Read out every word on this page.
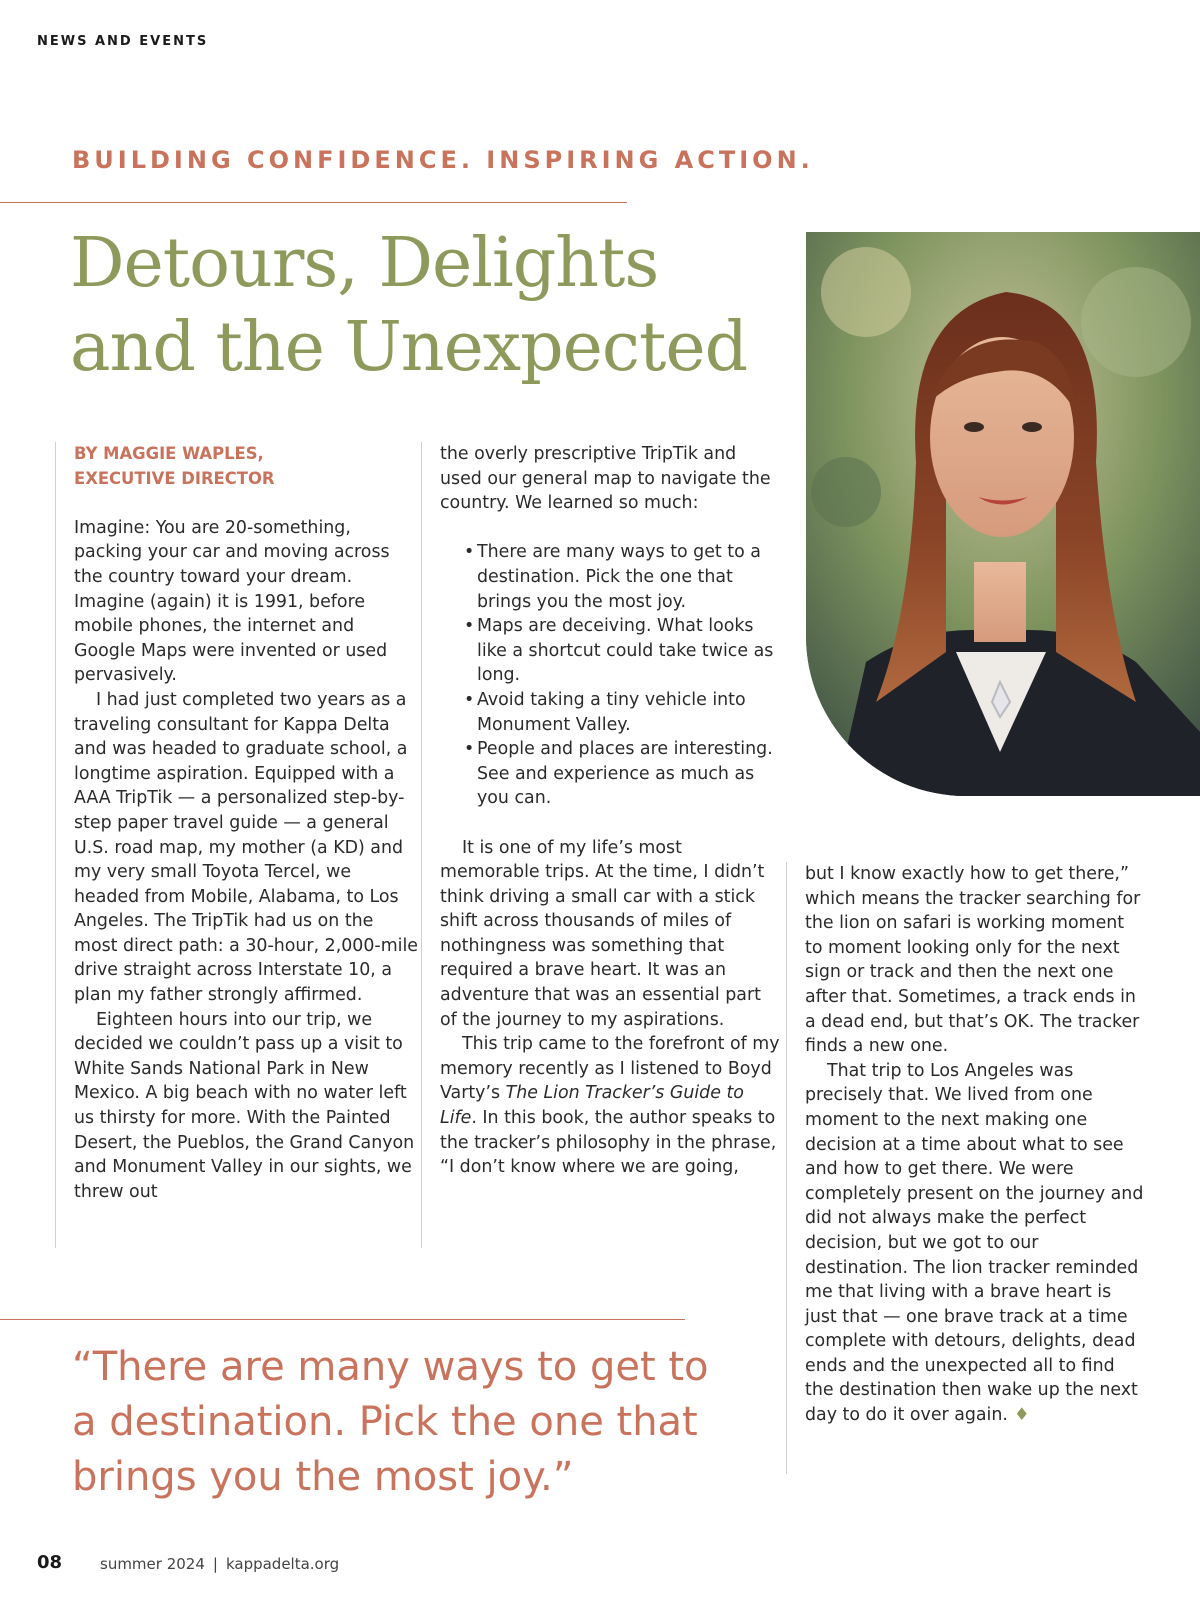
NEWS AND EVENTS
BUILDING CONFIDENCE. INSPIRING ACTION.
Detours, Delights
and the Unexpected

BY MAGGIE WAPLES,
EXECUTIVE DIRECTOR

Imagine: You are 20-something, packing your car and moving across the country toward your dream. Imagine (again) it is 1991, before mobile phones, the internet and Google Maps were invented or used pervasively.

I had just completed two years as a traveling consultant for Kappa Delta and was headed to graduate school, a longtime aspiration. Equipped with a AAA TripTik — a personalized step-by-step paper travel guide — a general U.S. road map, my mother (a KD) and my very small Toyota Tercel, we headed from Mobile, Alabama, to Los Angeles. The TripTik had us on the most direct path: a 30-hour, 2,000-mile drive straight across Interstate 10, a plan my father strongly affirmed.

Eighteen hours into our trip, we decided we couldn’t pass up a visit to White Sands National Park in New Mexico. A big beach with no water left us thirsty for more. With the Painted Desert, the Pueblos, the Grand Canyon and Monument Valley in our sights, we threw out

the overly prescriptive TripTik and used our general map to navigate the country. We learned so much:

• There are many ways to get to a destination. Pick the one that brings you the most joy.
• Maps are deceiving. What looks like a shortcut could take twice as long.
• Avoid taking a tiny vehicle into Monument Valley.
• People and places are interesting. See and experience as much as you can.

It is one of my life’s most memorable trips. At the time, I didn’t think driving a small car with a stick shift across thousands of miles of nothingness was something that required a brave heart. It was an adventure that was an essential part of the journey to my aspirations.

This trip came to the forefront of my memory recently as I listened to Boyd Varty’s The Lion Tracker’s Guide to Life. In this book, the author speaks to the tracker’s philosophy in the phrase, “I don’t know where we are going,

but I know exactly how to get there,” which means the tracker searching for the lion on safari is working moment to moment looking only for the next sign or track and then the next one after that. Sometimes, a track ends in a dead end, but that’s OK. The tracker finds a new one.

That trip to Los Angeles was precisely that. We lived from one moment to the next making one decision at a time about what to see and how to get there. We were completely present on the journey and did not always make the perfect decision, but we got to our destination. The lion tracker reminded me that living with a brave heart is just that — one brave track at a time complete with detours, delights, dead ends and the unexpected all to find the destination then wake up the next day to do it over again. ♦

“There are many ways to get to a destination. Pick the one that brings you the most joy.”

08	summer 2024 | kappadelta.org
